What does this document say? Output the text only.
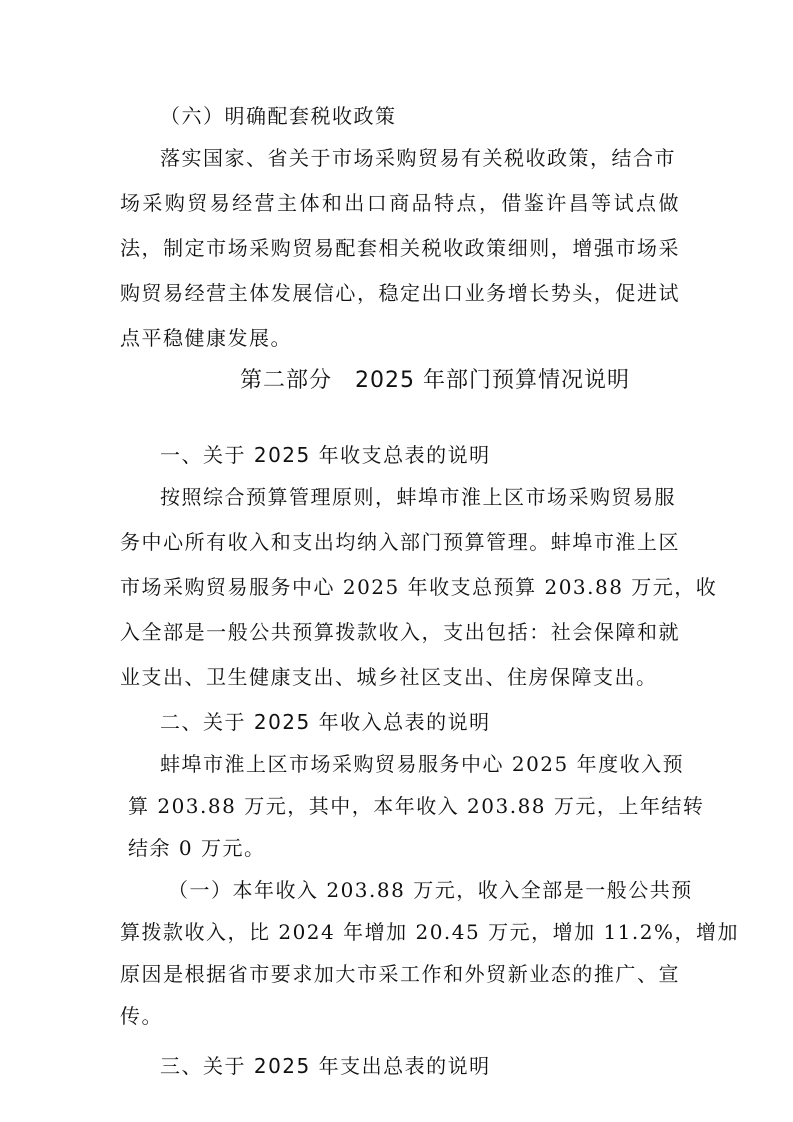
（六）明确配套税收政策
落实国家、省关于市场采购贸易有关税收政策，结合市
场采购贸易经营主体和出口商品特点，借鉴许昌等试点做
法，制定市场采购贸易配套相关税收政策细则，增强市场采
购贸易经营主体发展信心，稳定出口业务增长势头，促进试
点平稳健康发展。
第二部分　2025 年部门预算情况说明
一、关于 2025 年收支总表的说明
按照综合预算管理原则，蚌埠市淮上区市场采购贸易服
务中心所有收入和支出均纳入部门预算管理。蚌埠市淮上区
市场采购贸易服务中心 2025 年收支总预算 203.88 万元，收
入全部是一般公共预算拨款收入，支出包括：社会保障和就
业支出、卫生健康支出、城乡社区支出、住房保障支出。
二、关于 2025 年收入总表的说明
蚌埠市淮上区市场采购贸易服务中心 2025 年度收入预
算 203.88 万元，其中，本年收入 203.88 万元，上年结转
结余 0 万元。
（一）本年收入 203.88 万元，收入全部是一般公共预
算拨款收入，比 2024 年增加 20.45 万元，增加 11.2%，增加
原因是根据省市要求加大市采工作和外贸新业态的推广、宣
传。
三、关于 2025 年支出总表的说明
